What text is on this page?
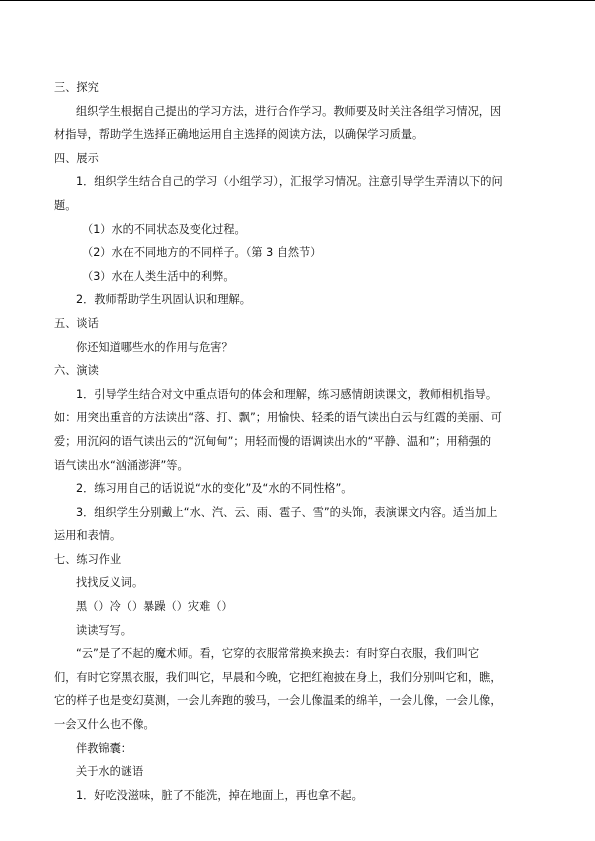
三、探究
组织学生根据自己提出的学习方法，进行合作学习。教师要及时关注各组学习情况，因
材指导，帮助学生选择正确地运用自主选择的阅读方法，以确保学习质量。
四、展示
1．组织学生结合自己的学习（小组学习），汇报学习情况。注意引导学生弄清以下的问
题。
（1）水的不同状态及变化过程。
（2）水在不同地方的不同样子。（第 3 自然节）
（3）水在人类生活中的利弊。
2．教师帮助学生巩固认识和理解。
五、谈话
你还知道哪些水的作用与危害？
六、演读
1．引导学生结合对文中重点语句的体会和理解，练习感情朗读课文，教师相机指导。
如：用突出重音的方法读出“落、打、飘”；用愉快、轻柔的语气读出白云与红霞的美丽、可
爱；用沉闷的语气读出云的“沉甸甸”；用轻而慢的语调读出水的“平静、温和”；用稍强的
语气读出水“汹涌澎湃”等。
2．练习用自己的话说说“水的变化”及“水的不同性格”。
3．组织学生分别戴上“水、汽、云、雨、雹子、雪”的头饰，表演课文内容。适当加上
运用和表情。
七、练习作业
找找反义词。
黑（）冷（）暴躁（）灾难（）
读读写写。
“云”是了不起的魔术师。看，它穿的衣服常常换来换去：有时穿白衣服，我们叫它
们，有时它穿黑衣服，我们叫它，早晨和今晚，它把红袍披在身上，我们分别叫它和，瞧，
它的样子也是变幻莫测，一会儿奔跑的骏马，一会儿像温柔的绵羊，一会儿像，一会儿像，
一会又什么也不像。
伴教锦囊：
关于水的谜语
1．好吃没滋味，脏了不能洗，掉在地面上，再也拿不起。
